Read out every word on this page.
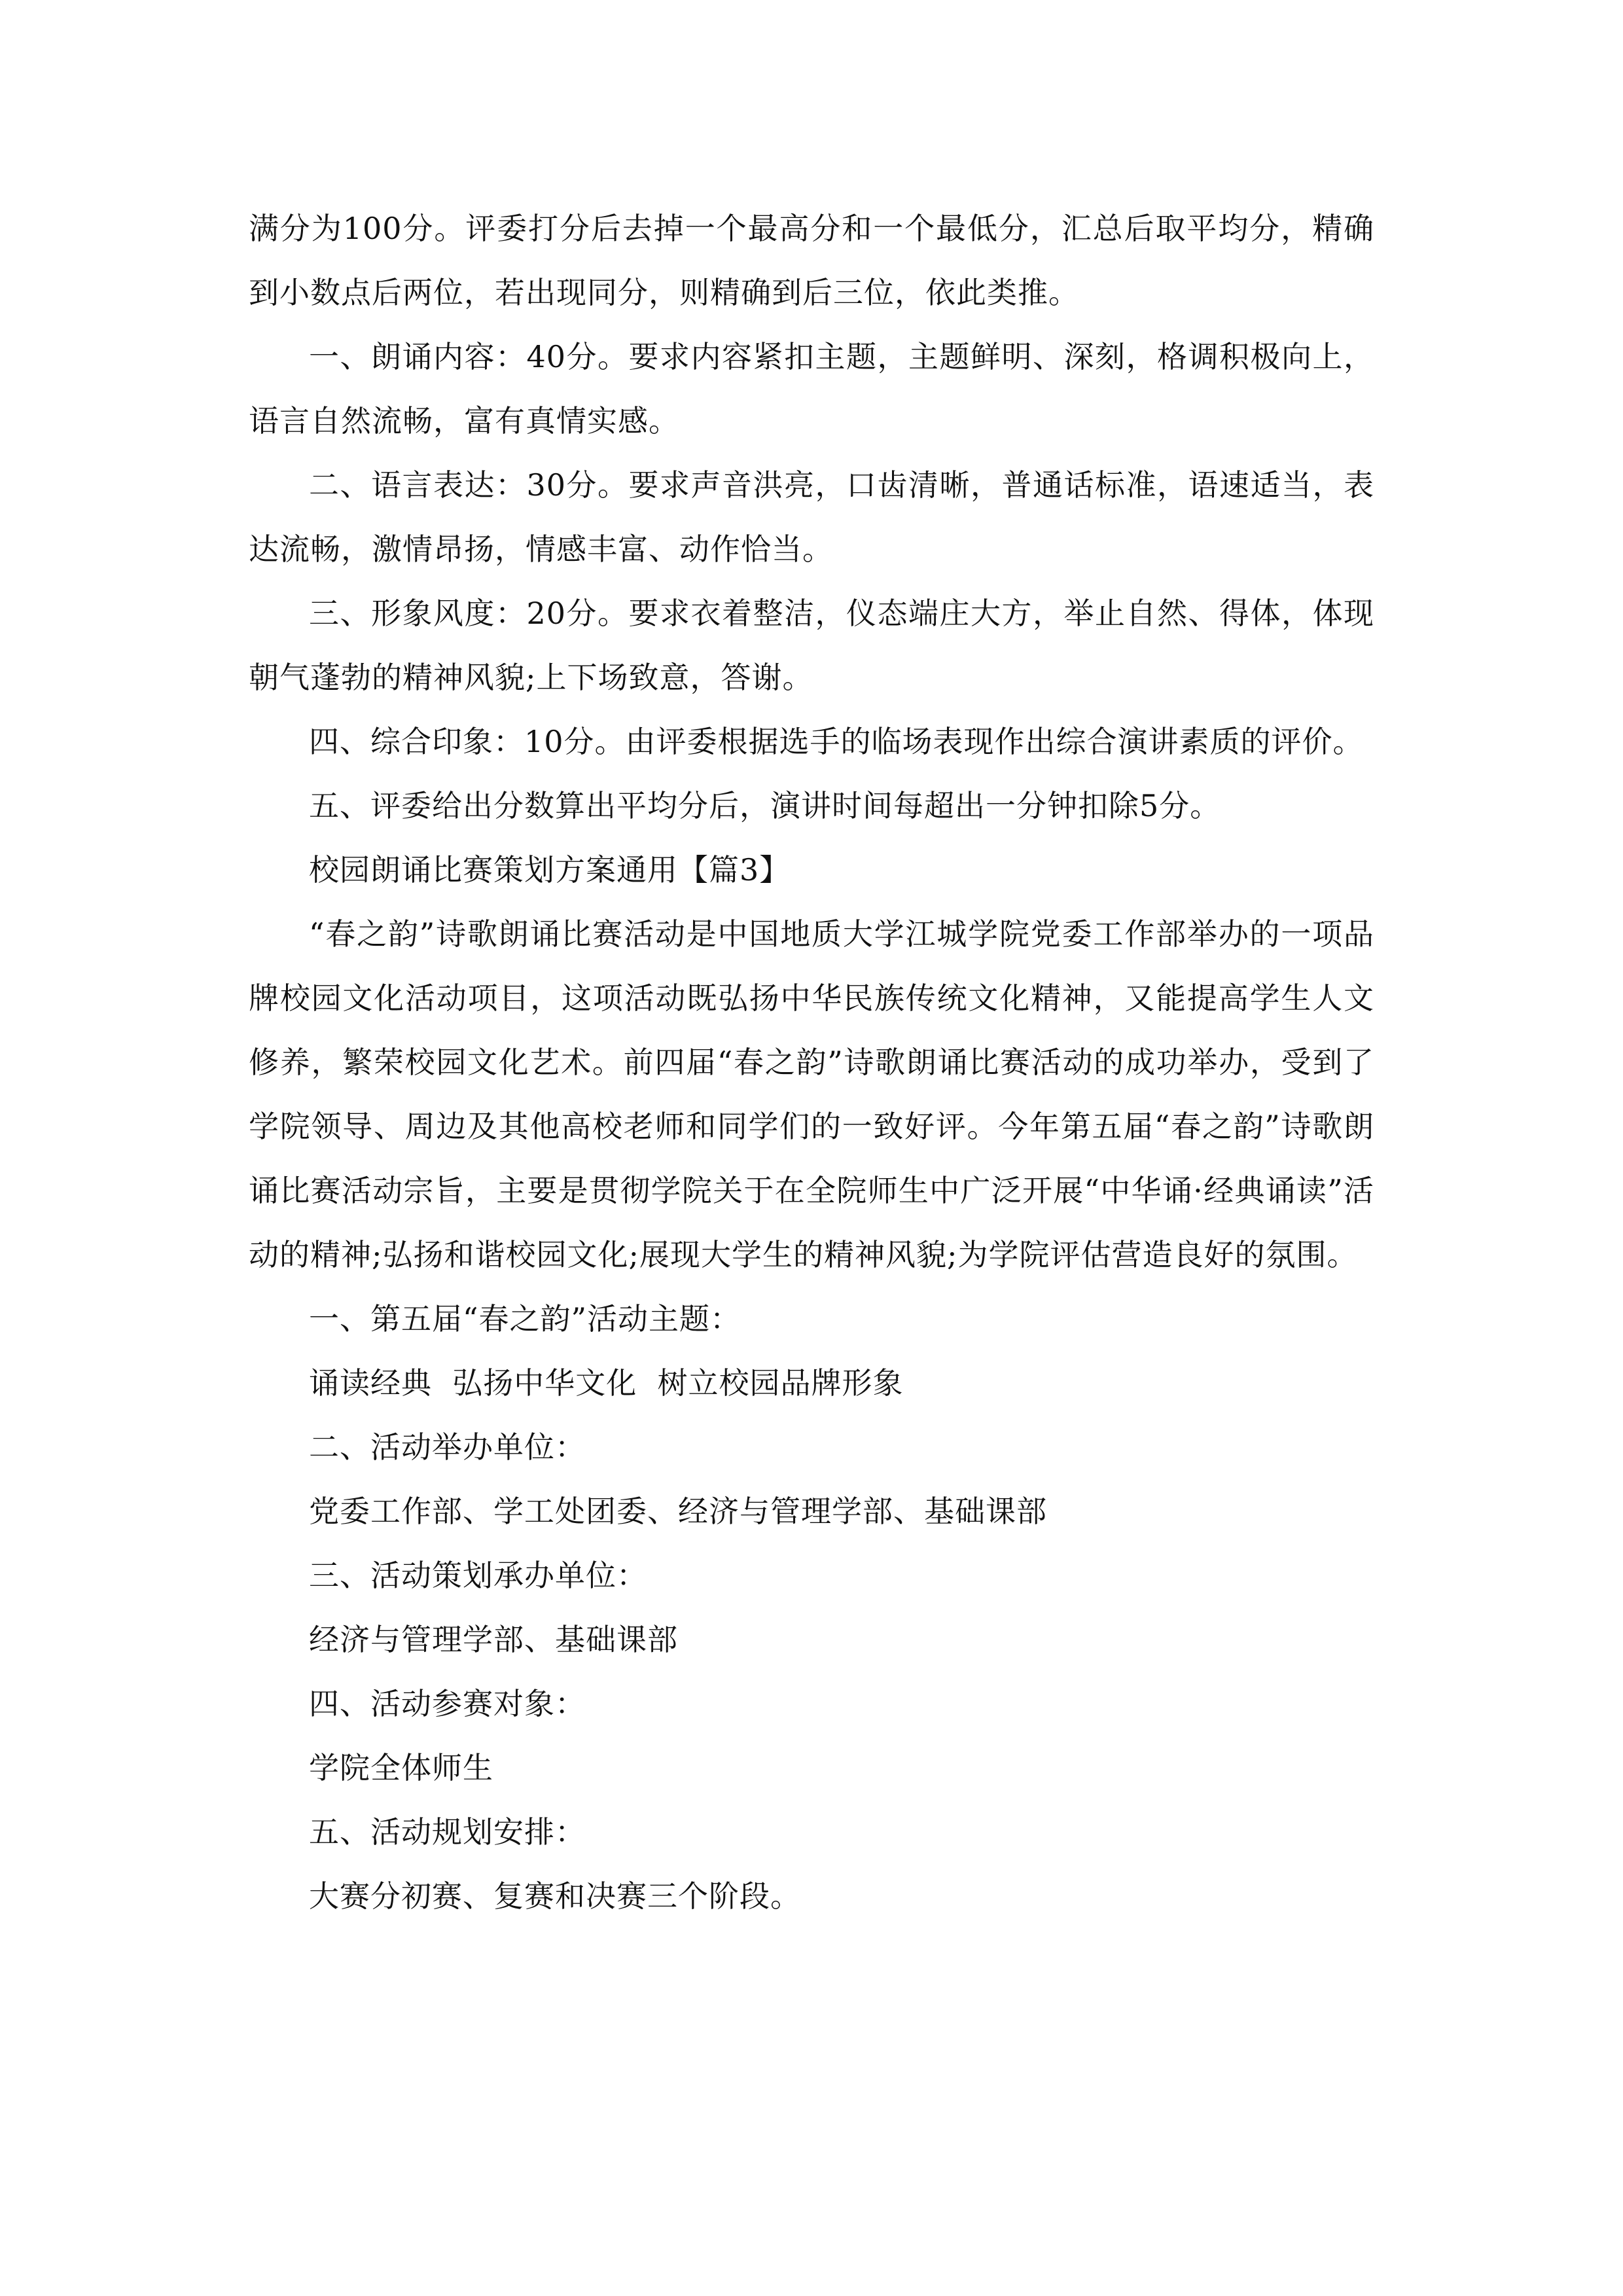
满分为100分。评委打分后去掉一个最高分和一个最低分，汇总后取平均分，精确到小数点后两位，若出现同分，则精确到后三位，依此类推。

一、朗诵内容：40分。要求内容紧扣主题，主题鲜明、深刻，格调积极向上，语言自然流畅，富有真情实感。

二、语言表达：30分。要求声音洪亮，口齿清晰，普通话标准，语速适当，表达流畅，激情昂扬，情感丰富、动作恰当。

三、形象风度：20分。要求衣着整洁，仪态端庄大方，举止自然、得体，体现朝气蓬勃的精神风貌;上下场致意，答谢。

四、综合印象：10分。由评委根据选手的临场表现作出综合演讲素质的评价。

五、评委给出分数算出平均分后，演讲时间每超出一分钟扣除5分。

校园朗诵比赛策划方案通用【篇3】

“春之韵”诗歌朗诵比赛活动是中国地质大学江城学院党委工作部举办的一项品牌校园文化活动项目，这项活动既弘扬中华民族传统文化精神，又能提高学生人文修养，繁荣校园文化艺术。前四届“春之韵”诗歌朗诵比赛活动的成功举办，受到了学院领导、周边及其他高校老师和同学们的一致好评。今年第五届“春之韵”诗歌朗诵比赛活动宗旨，主要是贯彻学院关于在全院师生中广泛开展“中华诵·经典诵读”活动的精神;弘扬和谐校园文化;展现大学生的精神风貌;为学院评估营造良好的氛围。

一、第五届“春之韵”活动主题：

诵读经典  弘扬中华文化  树立校园品牌形象

二、活动举办单位：

党委工作部、学工处团委、经济与管理学部、基础课部

三、活动策划承办单位：

经济与管理学部、基础课部

四、活动参赛对象：

学院全体师生

五、活动规划安排：

大赛分初赛、复赛和决赛三个阶段。
